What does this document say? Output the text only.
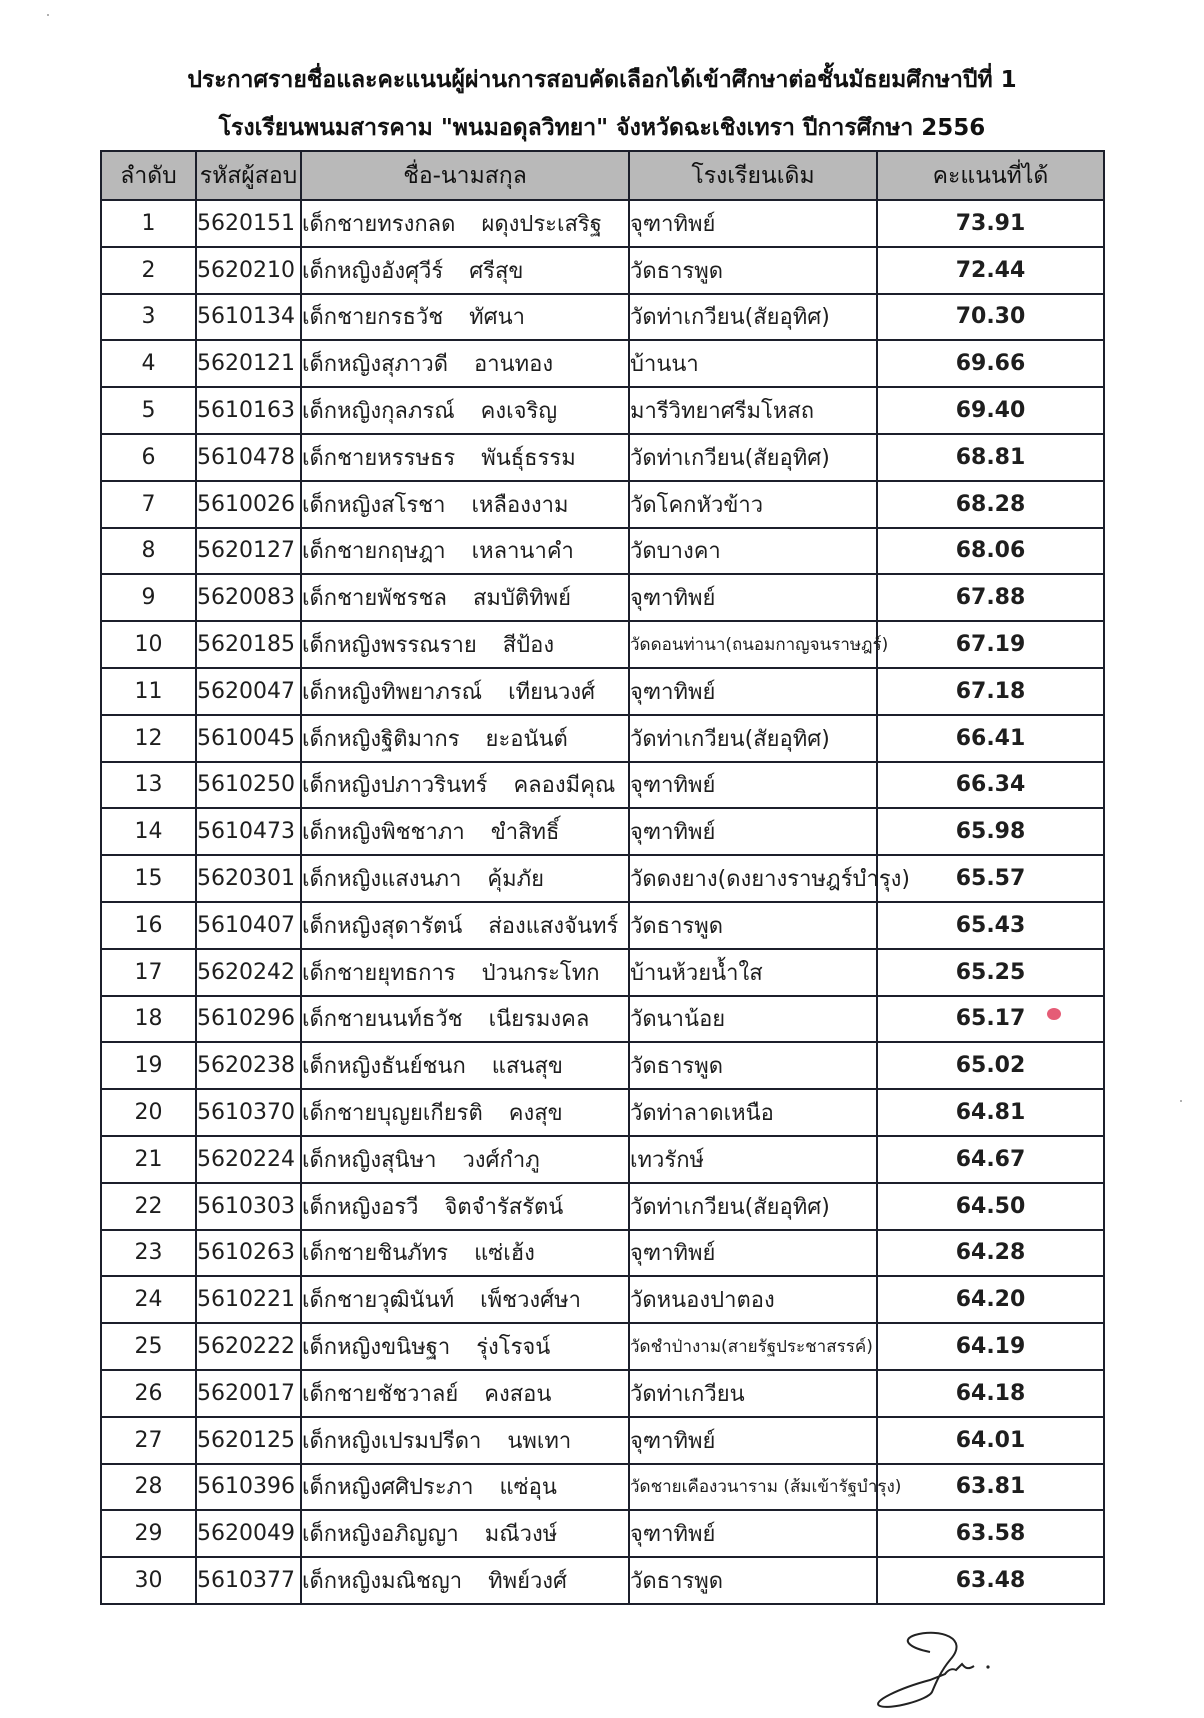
ประกาศรายชื่อและคะแนนผู้ผ่านการสอบคัดเลือกได้เข้าศึกษาต่อชั้นมัธยมศึกษาปีที่ 1
โรงเรียนพนมสารคาม "พนมอดุลวิทยา" จังหวัดฉะเชิงเทรา ปีการศึกษา 2556
ลำดับ	รหัสผู้สอบ	ชื่อ-นามสกุล	โรงเรียนเดิม	คะแนนที่ได้
1	5620151	เด็กชายทรงกลด ผดุงประเสริฐ	จุฑาทิพย์	73.91
2	5620210	เด็กหญิงอังศุวีร์ ศรีสุข	วัดธารพูด	72.44
3	5610134	เด็กชายกรธวัช ทัศนา	วัดท่าเกวียน(สัยอุทิศ)	70.30
4	5620121	เด็กหญิงสุภาวดี อานทอง	บ้านนา	69.66
5	5610163	เด็กหญิงกุลภรณ์ คงเจริญ	มารีวิทยาศรีมโหสถ	69.40
6	5610478	เด็กชายหรรษธร พันธุ์ธรรม	วัดท่าเกวียน(สัยอุทิศ)	68.81
7	5610026	เด็กหญิงสโรชา เหลืองงาม	วัดโคกหัวข้าว	68.28
8	5620127	เด็กชายกฤษฎา เหลานาคำ	วัดบางคา	68.06
9	5620083	เด็กชายพัชรชล สมบัติทิพย์	จุฑาทิพย์	67.88
10	5620185	เด็กหญิงพรรณราย สีป้อง	วัดดอนท่านา(ถนอมกาญจนราษฎร์)	67.19
11	5620047	เด็กหญิงทิพยาภรณ์ เทียนวงศ์	จุฑาทิพย์	67.18
12	5610045	เด็กหญิงฐิติมากร ยะอนันต์	วัดท่าเกวียน(สัยอุทิศ)	66.41
13	5610250	เด็กหญิงปภาวรินทร์ คลองมีคุณ	จุฑาทิพย์	66.34
14	5610473	เด็กหญิงพิชชาภา ขำสิทธิ์	จุฑาทิพย์	65.98
15	5620301	เด็กหญิงแสงนภา คุ้มภัย	วัดดงยาง(ดงยางราษฎร์บำรุง)	65.57
16	5610407	เด็กหญิงสุดารัตน์ ส่องแสงจันทร์	วัดธารพูด	65.43
17	5620242	เด็กชายยุทธการ ป่วนกระโทก	บ้านห้วยน้ำใส	65.25
18	5610296	เด็กชายนนท์ธวัช เนียรมงคล	วัดนาน้อย	65.17
19	5620238	เด็กหญิงธันย์ชนก แสนสุข	วัดธารพูด	65.02
20	5610370	เด็กชายบุญยเกียรติ คงสุข	วัดท่าลาดเหนือ	64.81
21	5620224	เด็กหญิงสุนิษา วงศ์กำภู	เทวรักษ์	64.67
22	5610303	เด็กหญิงอรวี จิตจำรัสรัตน์	วัดท่าเกวียน(สัยอุทิศ)	64.50
23	5610263	เด็กชายชินภัทร แซ่เฮ้ง	จุฑาทิพย์	64.28
24	5610221	เด็กชายวุฒินันท์ เพ็ชวงศ์ษา	วัดหนองปาตอง	64.20
25	5620222	เด็กหญิงขนิษฐา รุ่งโรจน์	วัดชำป่างาม(สายรัฐประชาสรรค์)	64.19
26	5620017	เด็กชายชัชวาลย์ คงสอน	วัดท่าเกวียน	64.18
27	5620125	เด็กหญิงเปรมปรีดา นพเทา	จุฑาทิพย์	64.01
28	5610396	เด็กหญิงศศิประภา แซ่อุน	วัดชายเคืองวนาราม (ส้มเข้ารัฐบำรุง)	63.81
29	5620049	เด็กหญิงอภิญญา มณีวงษ์	จุฑาทิพย์	63.58
30	5610377	เด็กหญิงมณิชญา ทิพย์วงศ์	วัดธารพูด	63.48
